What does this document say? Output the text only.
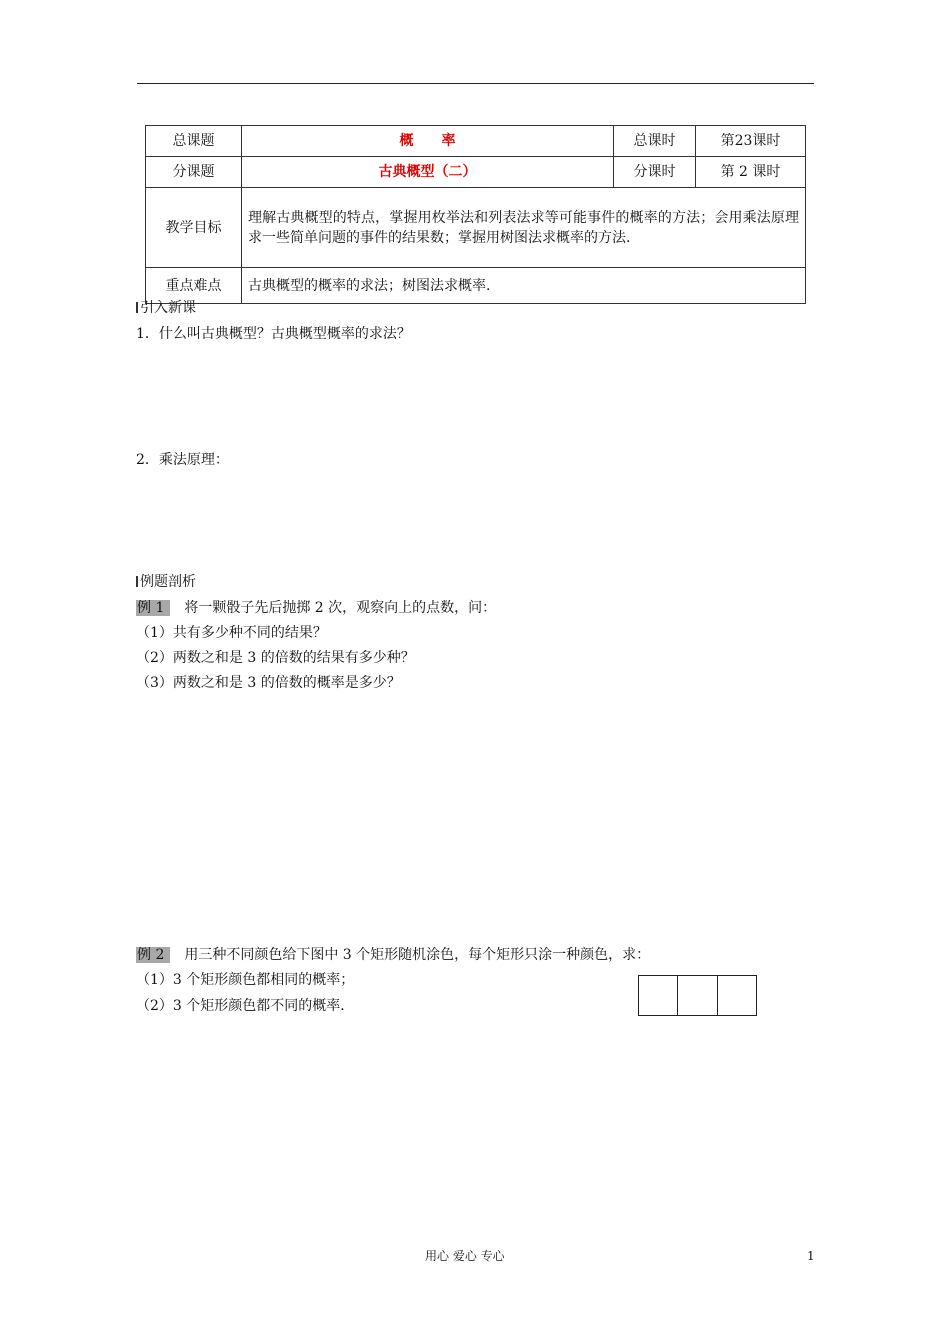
总课题	概　　率	总课时	第23课时
分课题	古典概型（二）	分课时	第 2 课时
教学目标	理解古典概型的特点，掌握用枚举法和列表法求等可能事件的概率的方法；会用乘法原理求一些简单问题的事件的结果数；掌握用树图法求概率的方法.		
重点难点	古典概型的概率的求法；树图法求概率.		
引入新课
1．什么叫古典概型？古典概型概率的求法？
2．乘法原理：
例题剖析
例 1 将一颗骰子先后抛掷 2 次，观察向上的点数，问：
（1）共有多少种不同的结果？
（2）两数之和是 3 的倍数的结果有多少种？
（3）两数之和是 3 的倍数的概率是多少？
例 2 用三种不同颜色给下图中 3 个矩形随机涂色，每个矩形只涂一种颜色，求：
（1）3 个矩形颜色都相同的概率；
（2）3 个矩形颜色都不同的概率.
用心 爱心 专心	1
